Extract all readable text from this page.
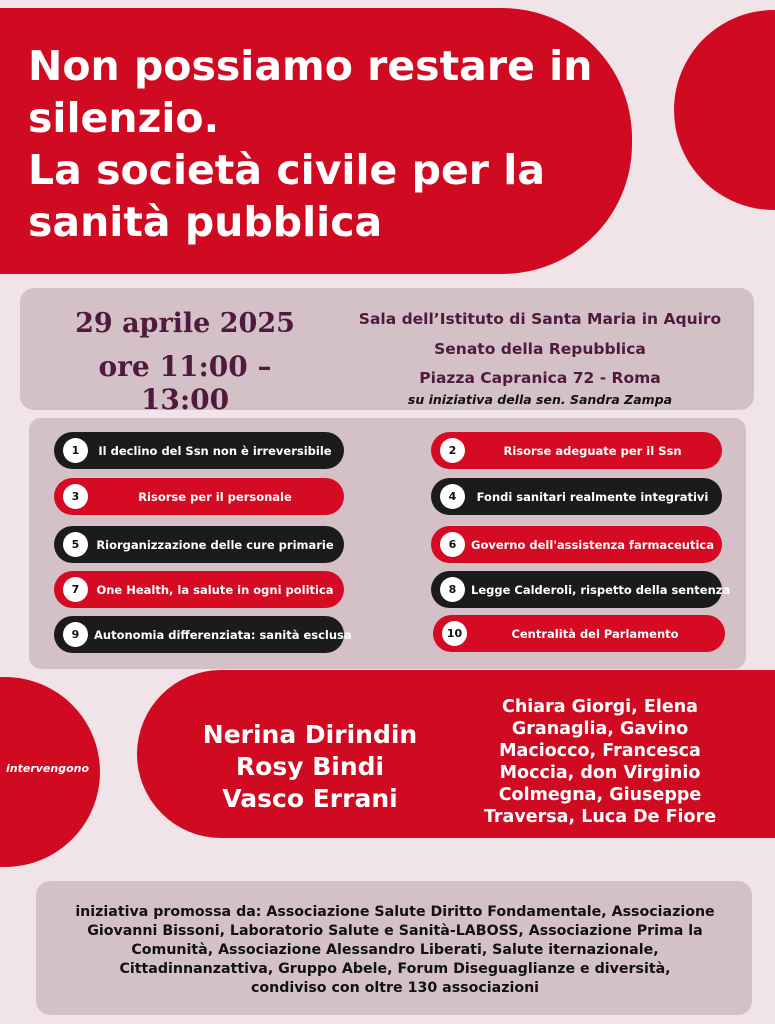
Non possiamo restare in
silenzio.
La società civile per la
sanità pubblica
29 aprile 2025
ore 11:00 – 13:00
Sala dell’Istituto di Santa Maria in Aquiro
Senato della Repubblica
Piazza Capranica 72 - Roma
su iniziativa della sen. Sandra Zampa
1	Il declino del Ssn non è irreversibile	2	Risorse adeguate per il Ssn
3	Risorse per il personale	4	Fondi sanitari realmente integrativi
5	Riorganizzazione delle cure primarie	6	Governo dell'assistenza farmaceutica
7	One Health, la salute in ogni politica	8	Legge Calderoli, rispetto della sentenza
9	Autonomia differenziata: sanità esclusa	10	Centralità del Parlamento
intervengono
Nerina Dirindin
Rosy Bindi
Vasco Errani
Chiara Giorgi, Elena
Granaglia, Gavino
Maciocco, Francesca
Moccia, don Virginio
Colmegna, Giuseppe
Traversa, Luca De Fiore
iniziativa promossa da: Associazione Salute Diritto Fondamentale, Associazione
Giovanni Bissoni, Laboratorio Salute e Sanità-LABOSS, Associazione Prima la
Comunità, Associazione Alessandro Liberati, Salute iternazionale,
Cittadinnanzattiva, Gruppo Abele, Forum Diseguaglianze e diversità,
condiviso con oltre 130 associazioni
